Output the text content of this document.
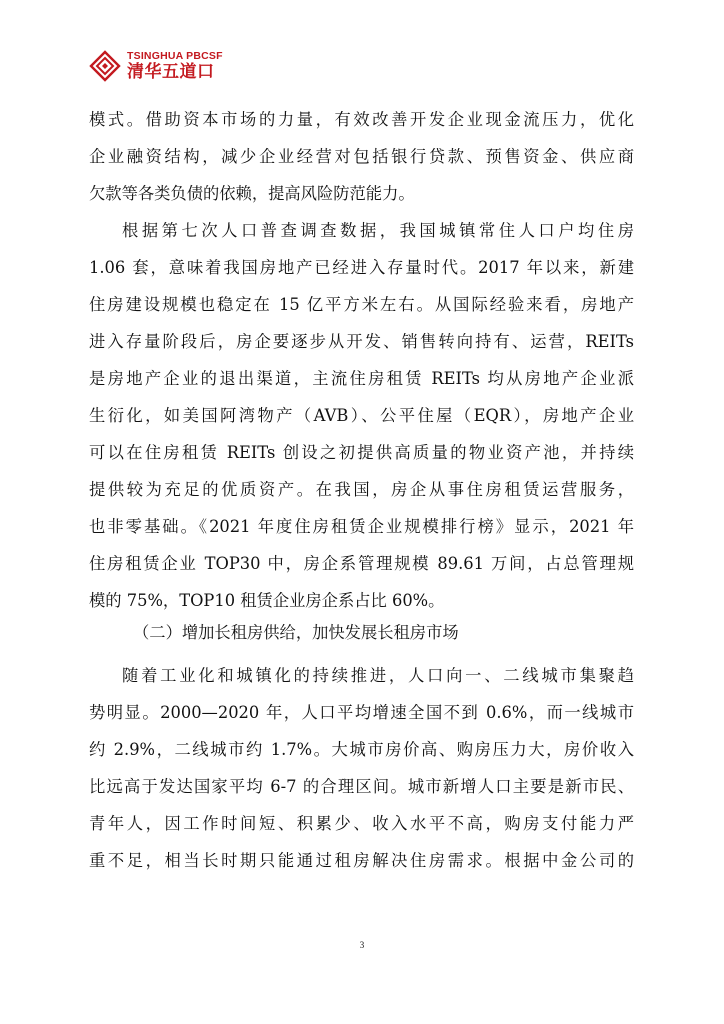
TSINGHUA PBCSF
清华五道口
模式。借助资本市场的力量，有效改善开发企业现金流压力，优化
企业融资结构，减少企业经营对包括银行贷款、预售资金、供应商
欠款等各类负债的依赖，提高风险防范能力。
根据第七次人口普查调查数据，我国城镇常住人口户均住房
1.06 套，意味着我国房地产已经进入存量时代。2017 年以来，新建
住房建设规模也稳定在 15 亿平方米左右。从国际经验来看，房地产
进入存量阶段后，房企要逐步从开发、销售转向持有、运营，REITs
是房地产企业的退出渠道，主流住房租赁 REITs 均从房地产企业派
生衍化，如美国阿湾物产（AVB）、公平住屋（EQR），房地产企业
可以在住房租赁 REITs 创设之初提供高质量的物业资产池，并持续
提供较为充足的优质资产。在我国，房企从事住房租赁运营服务，
也非零基础。《2021 年度住房租赁企业规模排行榜》显示，2021 年
住房租赁企业 TOP30 中，房企系管理规模 89.61 万间，占总管理规
模的 75%，TOP10 租赁企业房企系占比 60%。
（二）增加长租房供给，加快发展长租房市场
随着工业化和城镇化的持续推进，人口向一、二线城市集聚趋
势明显。2000—2020 年，人口平均增速全国不到 0.6%，而一线城市
约 2.9%，二线城市约 1.7%。大城市房价高、购房压力大，房价收入
比远高于发达国家平均 6-7 的合理区间。城市新增人口主要是新市民、
青年人，因工作时间短、积累少、收入水平不高，购房支付能力严
重不足，相当长时期只能通过租房解决住房需求。根据中金公司的
3
